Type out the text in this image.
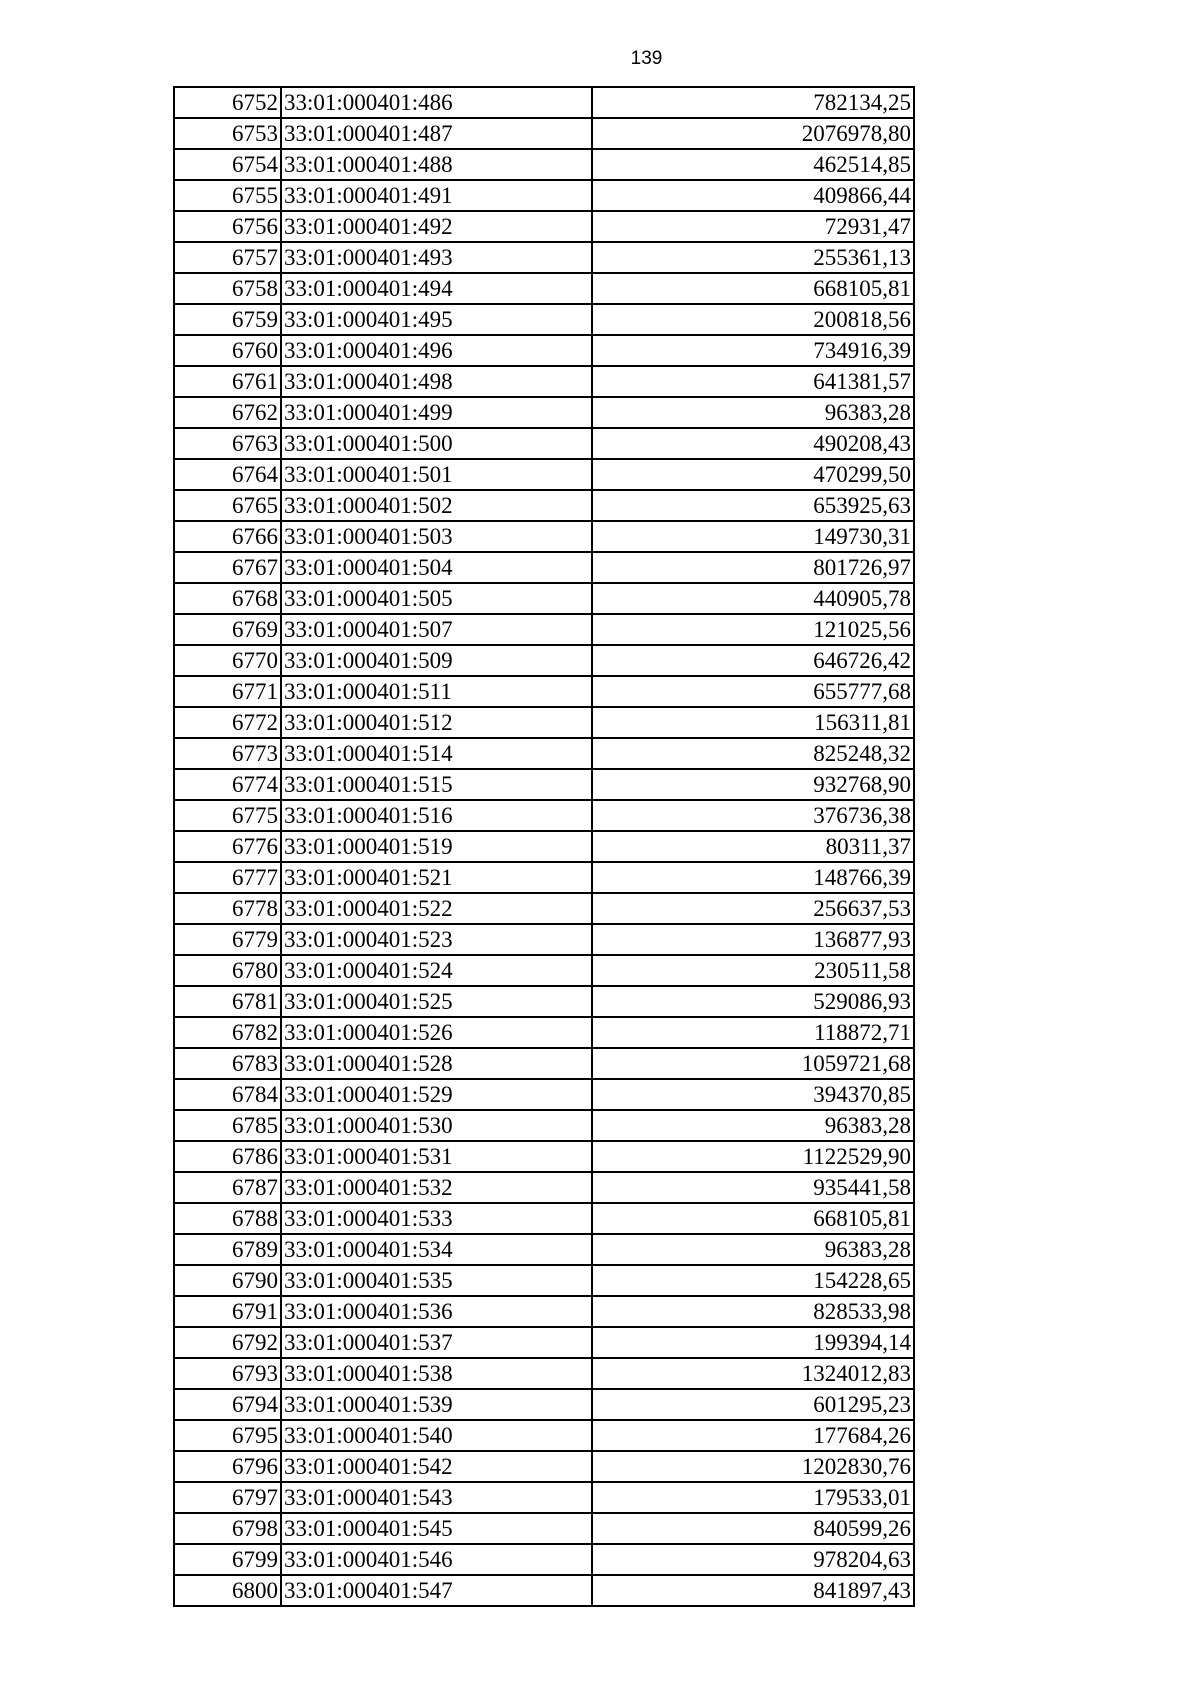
139
6752	33:01:000401:486	782134,25
6753	33:01:000401:487	2076978,80
6754	33:01:000401:488	462514,85
6755	33:01:000401:491	409866,44
6756	33:01:000401:492	72931,47
6757	33:01:000401:493	255361,13
6758	33:01:000401:494	668105,81
6759	33:01:000401:495	200818,56
6760	33:01:000401:496	734916,39
6761	33:01:000401:498	641381,57
6762	33:01:000401:499	96383,28
6763	33:01:000401:500	490208,43
6764	33:01:000401:501	470299,50
6765	33:01:000401:502	653925,63
6766	33:01:000401:503	149730,31
6767	33:01:000401:504	801726,97
6768	33:01:000401:505	440905,78
6769	33:01:000401:507	121025,56
6770	33:01:000401:509	646726,42
6771	33:01:000401:511	655777,68
6772	33:01:000401:512	156311,81
6773	33:01:000401:514	825248,32
6774	33:01:000401:515	932768,90
6775	33:01:000401:516	376736,38
6776	33:01:000401:519	80311,37
6777	33:01:000401:521	148766,39
6778	33:01:000401:522	256637,53
6779	33:01:000401:523	136877,93
6780	33:01:000401:524	230511,58
6781	33:01:000401:525	529086,93
6782	33:01:000401:526	118872,71
6783	33:01:000401:528	1059721,68
6784	33:01:000401:529	394370,85
6785	33:01:000401:530	96383,28
6786	33:01:000401:531	1122529,90
6787	33:01:000401:532	935441,58
6788	33:01:000401:533	668105,81
6789	33:01:000401:534	96383,28
6790	33:01:000401:535	154228,65
6791	33:01:000401:536	828533,98
6792	33:01:000401:537	199394,14
6793	33:01:000401:538	1324012,83
6794	33:01:000401:539	601295,23
6795	33:01:000401:540	177684,26
6796	33:01:000401:542	1202830,76
6797	33:01:000401:543	179533,01
6798	33:01:000401:545	840599,26
6799	33:01:000401:546	978204,63
6800	33:01:000401:547	841897,43
